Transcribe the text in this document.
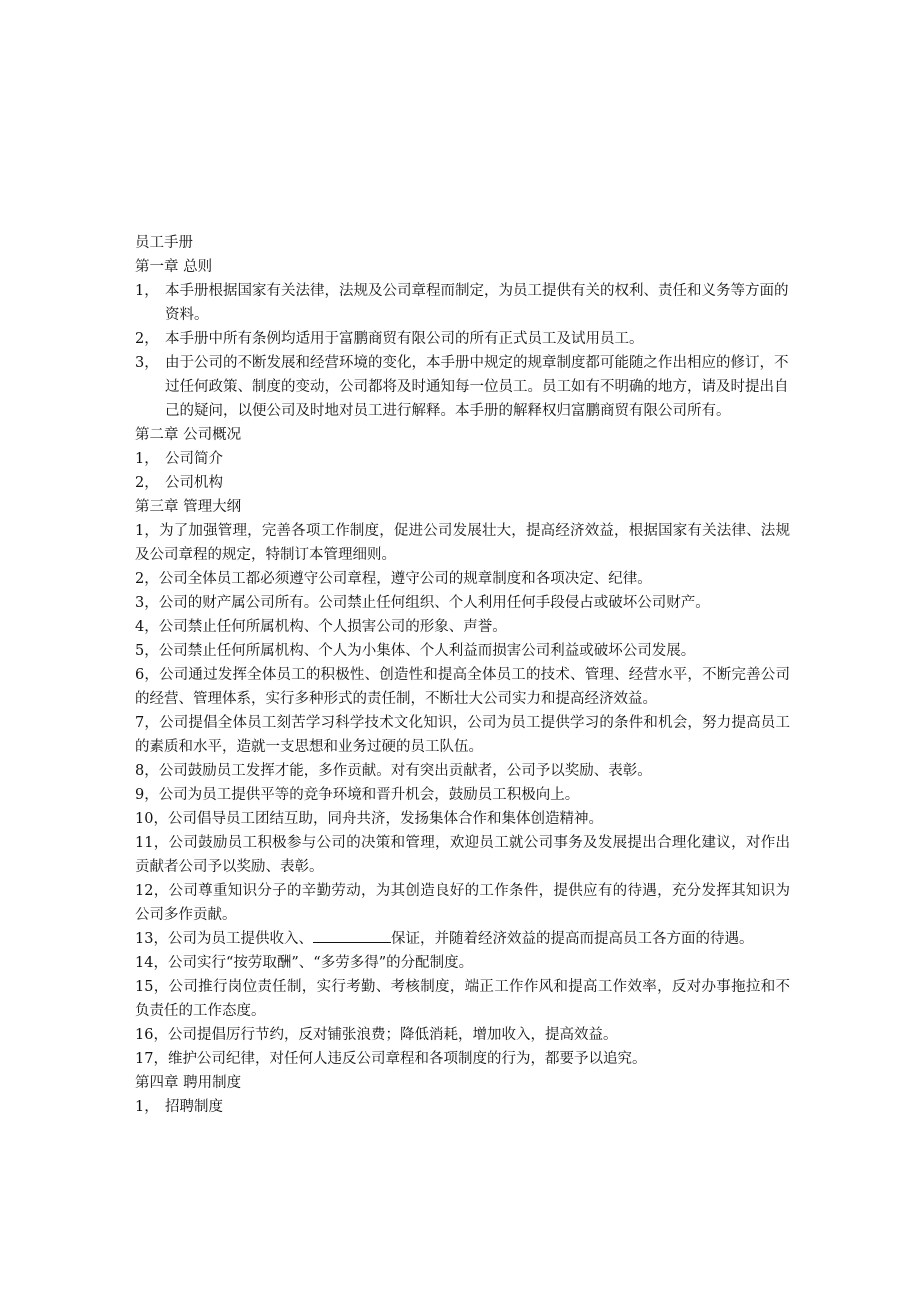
员工手册
第一章 总则
1， 本手册根据国家有关法律，法规及公司章程而制定，为员工提供有关的权利、责任和义务等方面的资料。
2， 本手册中所有条例均适用于富鹏商贸有限公司的所有正式员工及试用员工。
3， 由于公司的不断发展和经营环境的变化，本手册中规定的规章制度都可能随之作出相应的修订，不过任何政策、制度的变动，公司都将及时通知每一位员工。员工如有不明确的地方，请及时提出自己的疑问，以便公司及时地对员工进行解释。本手册的解释权归富鹏商贸有限公司所有。
第二章 公司概况
1， 公司简介
2， 公司机构
第三章 管理大纲
1，为了加强管理，完善各项工作制度，促进公司发展壮大，提高经济效益，根据国家有关法律、法规及公司章程的规定，特制订本管理细则。
2，公司全体员工都必须遵守公司章程，遵守公司的规章制度和各项决定、纪律。
3，公司的财产属公司所有。公司禁止任何组织、个人利用任何手段侵占或破坏公司财产。
4，公司禁止任何所属机构、个人损害公司的形象、声誉。
5，公司禁止任何所属机构、个人为小集体、个人利益而损害公司利益或破坏公司发展。
6，公司通过发挥全体员工的积极性、创造性和提高全体员工的技术、管理、经营水平，不断完善公司的经营、管理体系，实行多种形式的责任制，不断壮大公司实力和提高经济效益。
7，公司提倡全体员工刻苦学习科学技术文化知识，公司为员工提供学习的条件和机会，努力提高员工的素质和水平，造就一支思想和业务过硬的员工队伍。
8，公司鼓励员工发挥才能，多作贡献。对有突出贡献者，公司予以奖励、表彰。
9，公司为员工提供平等的竞争环境和晋升机会，鼓励员工积极向上。
10，公司倡导员工团结互助，同舟共济，发扬集体合作和集体创造精神。
11，公司鼓励员工积极参与公司的决策和管理，欢迎员工就公司事务及发展提出合理化建议，对作出贡献者公司予以奖励、表彰。
12，公司尊重知识分子的辛勤劳动，为其创造良好的工作条件，提供应有的待遇，充分发挥其知识为公司多作贡献。
13，公司为员工提供收入、	保证，并随着经济效益的提高而提高员工各方面的待遇。
14，公司实行“按劳取酬”、“多劳多得”的分配制度。
15，公司推行岗位责任制，实行考勤、考核制度，端正工作作风和提高工作效率，反对办事拖拉和不负责任的工作态度。
16，公司提倡厉行节约，反对铺张浪费；降低消耗，增加收入，提高效益。
17，维护公司纪律，对任何人违反公司章程和各项制度的行为，都要予以追究。
第四章 聘用制度
1， 招聘制度
